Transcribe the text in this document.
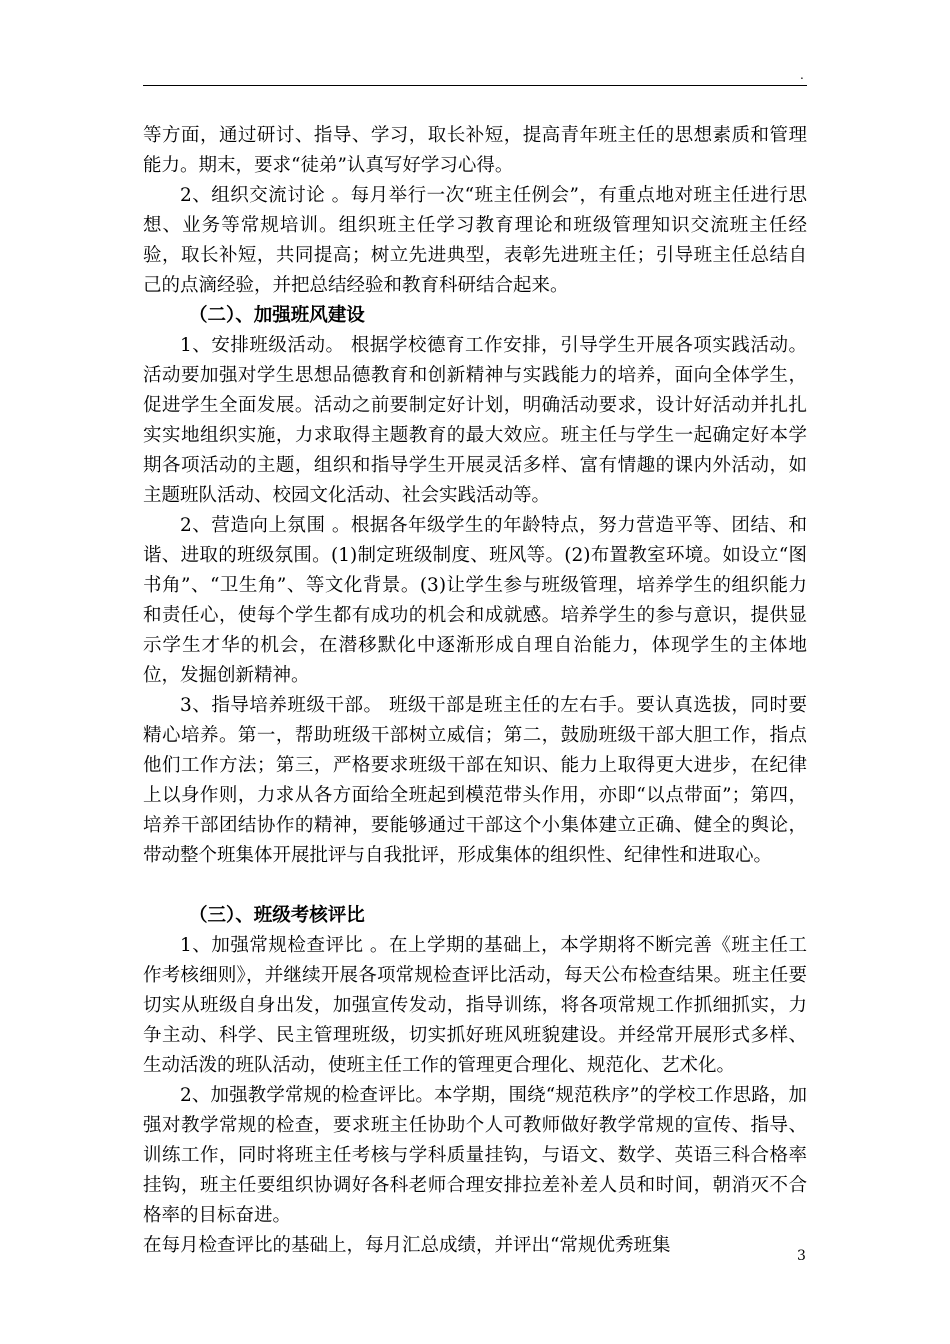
.

等方面，通过研讨、指导、学习，取长补短，提高青年班主任的思想素质和管理能力。期末，要求“徒弟”认真写好学习心得。

2、组织交流讨论 。每月举行一次“班主任例会”，有重点地对班主任进行思想、业务等常规培训。组织班主任学习教育理论和班级管理知识交流班主任经验，取长补短，共同提高；树立先进典型，表彰先进班主任；引导班主任总结自己的点滴经验，并把总结经验和教育科研结合起来。

（二）、加强班风建设

1、安排班级活动。 根据学校德育工作安排，引导学生开展各项实践活动。活动要加强对学生思想品德教育和创新精神与实践能力的培养，面向全体学生，促进学生全面发展。活动之前要制定好计划，明确活动要求，设计好活动并扎扎实实地组织实施，力求取得主题教育的最大效应。班主任与学生一起确定好本学期各项活动的主题，组织和指导学生开展灵活多样、富有情趣的课内外活动，如主题班队活动、校园文化活动、社会实践活动等。

2、营造向上氛围 。根据各年级学生的年龄特点，努力营造平等、团结、和谐、进取的班级氛围。(1)制定班级制度、班风等。(2)布置教室环境。如设立“图书角”、“卫生角”、等文化背景。(3)让学生参与班级管理，培养学生的组织能力和责任心，使每个学生都有成功的机会和成就感。培养学生的参与意识，提供显示学生才华的机会，在潜移默化中逐渐形成自理自治能力，体现学生的主体地位，发掘创新精神。

3、指导培养班级干部。 班级干部是班主任的左右手。要认真选拔，同时要精心培养。第一，帮助班级干部树立威信；第二，鼓励班级干部大胆工作，指点他们工作方法；第三，严格要求班级干部在知识、能力上取得更大进步，在纪律上以身作则，力求从各方面给全班起到模范带头作用，亦即“以点带面”；第四，培养干部团结协作的精神，要能够通过干部这个小集体建立正确、健全的舆论，带动整个班集体开展批评与自我批评，形成集体的组织性、纪律性和进取心。

（三）、班级考核评比

1、加强常规检查评比 。在上学期的基础上，本学期将不断完善《班主任工作考核细则》，并继续开展各项常规检查评比活动，每天公布检查结果。班主任要切实从班级自身出发，加强宣传发动，指导训练，将各项常规工作抓细抓实，力争主动、科学、民主管理班级，切实抓好班风班貌建设。并经常开展形式多样、生动活泼的班队活动，使班主任工作的管理更合理化、规范化、艺术化。

2、加强教学常规的检查评比。本学期，围绕“规范秩序”的学校工作思路，加强对教学常规的检查，要求班主任协助个人可教师做好教学常规的宣传、指导、训练工作，同时将班主任考核与学科质量挂钩，与语文、数学、英语三科合格率挂钩，班主任要组织协调好各科老师合理安排拉差补差人员和时间，朝消灭不合格率的目标奋进。

在每月检查评比的基础上，每月汇总成绩，并评出“常规优秀班集	3
